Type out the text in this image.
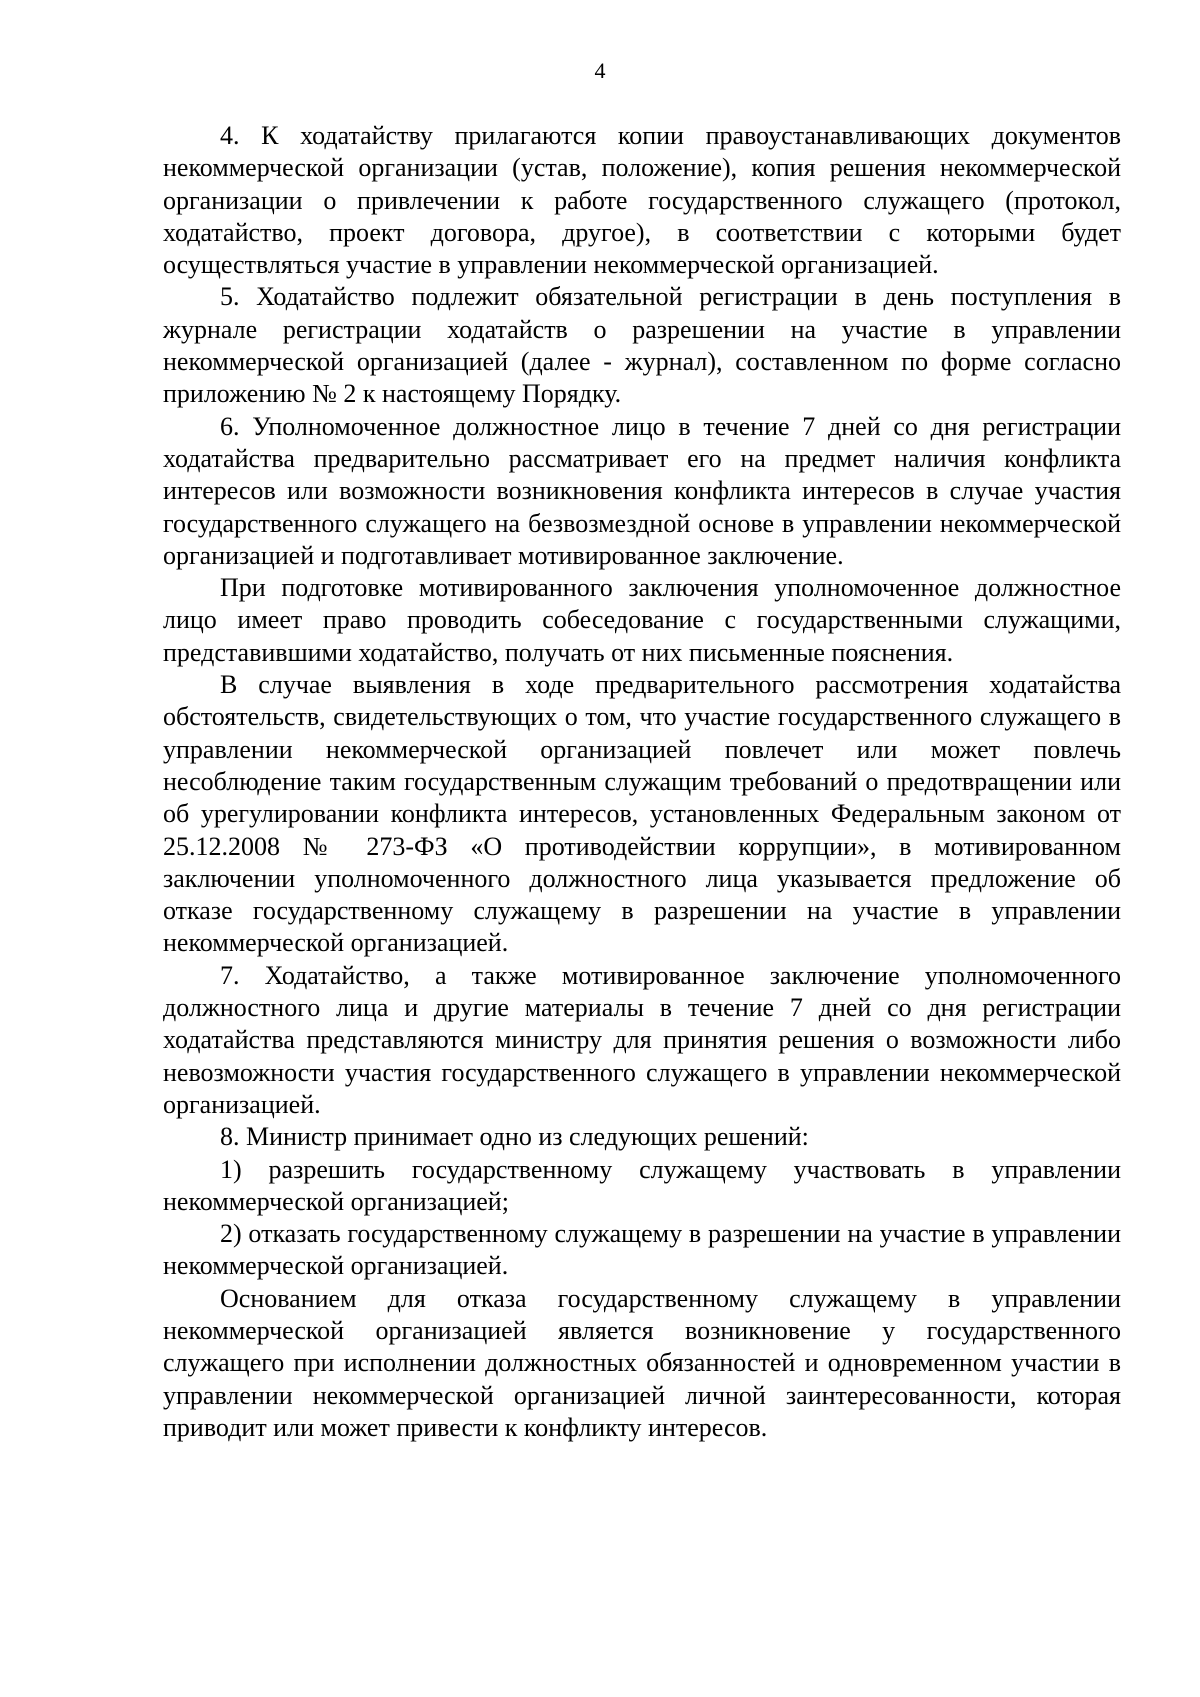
4

4. К ходатайству прилагаются копии правоустанавливающих документов некоммерческой организации (устав, положение), копия решения некоммерческой организации о привлечении к работе государственного служащего (протокол, ходатайство, проект договора, другое), в соответствии с которыми будет осуществляться участие в управлении некоммерческой организацией.

5. Ходатайство подлежит обязательной регистрации в день поступления в журнале регистрации ходатайств о разрешении на участие в управлении некоммерческой организацией (далее - журнал), составленном по форме согласно приложению № 2 к настоящему Порядку.

6. Уполномоченное должностное лицо в течение 7 дней со дня регистрации ходатайства предварительно рассматривает его на предмет наличия конфликта интересов или возможности возникновения конфликта интересов в случае участия государственного служащего на безвозмездной основе в управлении некоммерческой организацией и подготавливает мотивированное заключение.

При подготовке мотивированного заключения уполномоченное должностное лицо имеет право проводить собеседование с государственными служащими, представившими ходатайство, получать от них письменные пояснения.

В случае выявления в ходе предварительного рассмотрения ходатайства обстоятельств, свидетельствующих о том, что участие государственного служащего в управлении некоммерческой организацией повлечет или может повлечь несоблюдение таким государственным служащим требований о предотвращении или об урегулировании конфликта интересов, установленных Федеральным законом от 25.12.2008 № 273-ФЗ «О противодействии коррупции», в мотивированном заключении уполномоченного должностного лица указывается предложение об отказе государственному служащему в разрешении на участие в управлении некоммерческой организацией.

7. Ходатайство, а также мотивированное заключение уполномоченного должностного лица и другие материалы в течение 7 дней со дня регистрации ходатайства представляются министру для принятия решения о возможности либо невозможности участия государственного служащего в управлении некоммерческой организацией.

8. Министр принимает одно из следующих решений:

1) разрешить государственному служащему участвовать в управлении некоммерческой организацией;

2) отказать государственному служащему в разрешении на участие в управлении некоммерческой организацией.

Основанием для отказа государственному служащему в управлении некоммерческой организацией является возникновение у государственного служащего при исполнении должностных обязанностей и одновременном участии в управлении некоммерческой организацией личной заинтересованности, которая приводит или может привести к конфликту интересов.
